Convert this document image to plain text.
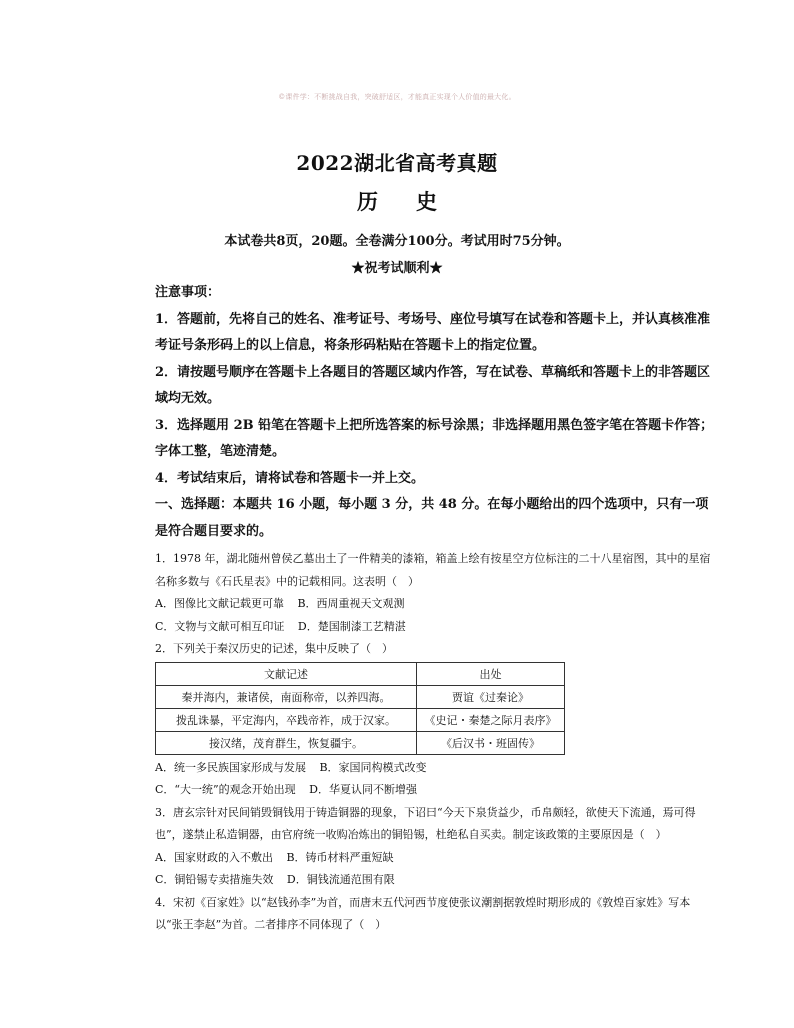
©课件学：不断挑战自我，突破舒适区，才能真正实现个人价值的最大化。
2022湖北省高考真题
历史
本试卷共8页，20题。全卷满分100分。考试用时75分钟。
★祝考试顺利★

注意事项：

1．答题前，先将自己的姓名、准考证号、考场号、座位号填写在试卷和答题卡上，并认真核准准考证号条形码上的以上信息，将条形码粘贴在答题卡上的指定位置。

2．请按题号顺序在答题卡上各题目的答题区域内作答，写在试卷、草稿纸和答题卡上的非答题区域均无效。

3．选择题用 2B 铅笔在答题卡上把所选答案的标号涂黑；非选择题用黑色签字笔在答题卡作答；字体工整，笔迹清楚。

4．考试结束后，请将试卷和答题卡一并上交。

一、选择题：本题共 16 小题，每小题 3 分，共 48 分。在每小题给出的四个选项中，只有一项是符合题目要求的。

1．1978 年，湖北随州曾侯乙墓出土了一件精美的漆箱，箱盖上绘有按星空方位标注的二十八星宿图，其中的星宿名称多数与《石氏星表》中的记载相同。这表明（　）

A．图像比文献记载更可靠 B．西周重视天文观测

C．文物与文献可相互印证 D．楚国制漆工艺精湛

2．下列关于秦汉历史的记述，集中反映了（　）

文献记述	出处
秦并海内，兼诸侯，南面称帝，以养四海。	贾谊《过秦论》
拨乱诛暴，平定海内，卒践帝祚，成于汉家。	《史记・秦楚之际月表序》
接汉绪，茂育群生，恢复疆宇。	《后汉书・班固传》

A．统一多民族国家形成与发展 B．家国同构模式改变

C．“大一统”的观念开始出现 D．华夏认同不断增强

3．唐玄宗针对民间销毁铜钱用于铸造铜器的现象，下诏曰“今天下泉货益少，币帛颇轻，欲使天下流通，焉可得也”，遂禁止私造铜器，由官府统一收购冶炼出的铜铅锡，杜绝私自买卖。制定该政策的主要原因是（　）

A．国家财政的入不敷出 B．铸币材料严重短缺

C．铜铅锡专卖措施失效 D．铜钱流通范围有限

4．宋初《百家姓》以“赵钱孙李”为首，而唐末五代河西节度使张议潮割据敦煌时期形成的《敦煌百家姓》写本以“张王李赵”为首。二者排序不同体现了（　）
